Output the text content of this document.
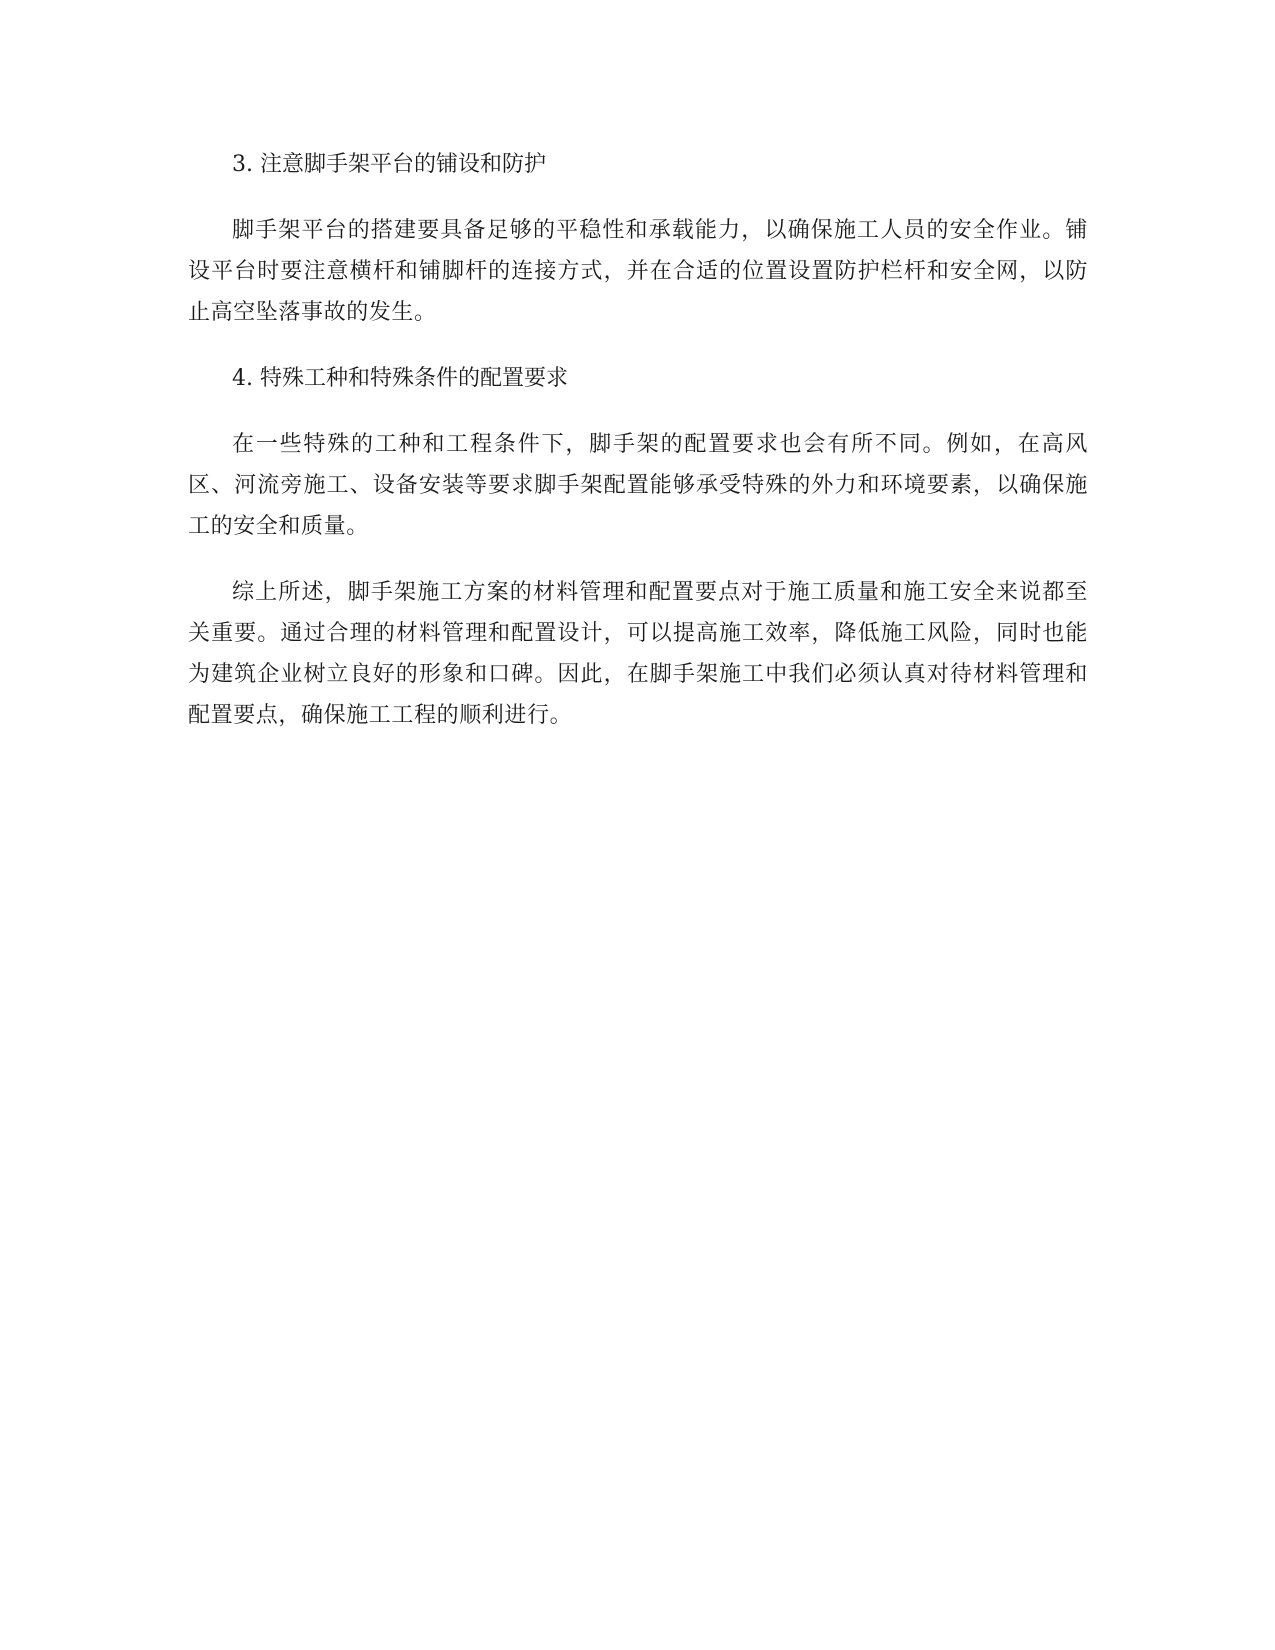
3. 注意脚手架平台的铺设和防护

脚手架平台的搭建要具备足够的平稳性和承载能力，以确保施工人员的安全作业。铺设平台时要注意横杆和铺脚杆的连接方式，并在合适的位置设置防护栏杆和安全网，以防止高空坠落事故的发生。

4. 特殊工种和特殊条件的配置要求

在一些特殊的工种和工程条件下，脚手架的配置要求也会有所不同。例如，在高风区、河流旁施工、设备安装等要求脚手架配置能够承受特殊的外力和环境要素，以确保施工的安全和质量。

综上所述，脚手架施工方案的材料管理和配置要点对于施工质量和施工安全来说都至关重要。通过合理的材料管理和配置设计，可以提高施工效率，降低施工风险，同时也能为建筑企业树立良好的形象和口碑。因此，在脚手架施工中我们必须认真对待材料管理和配置要点，确保施工工程的顺利进行。
